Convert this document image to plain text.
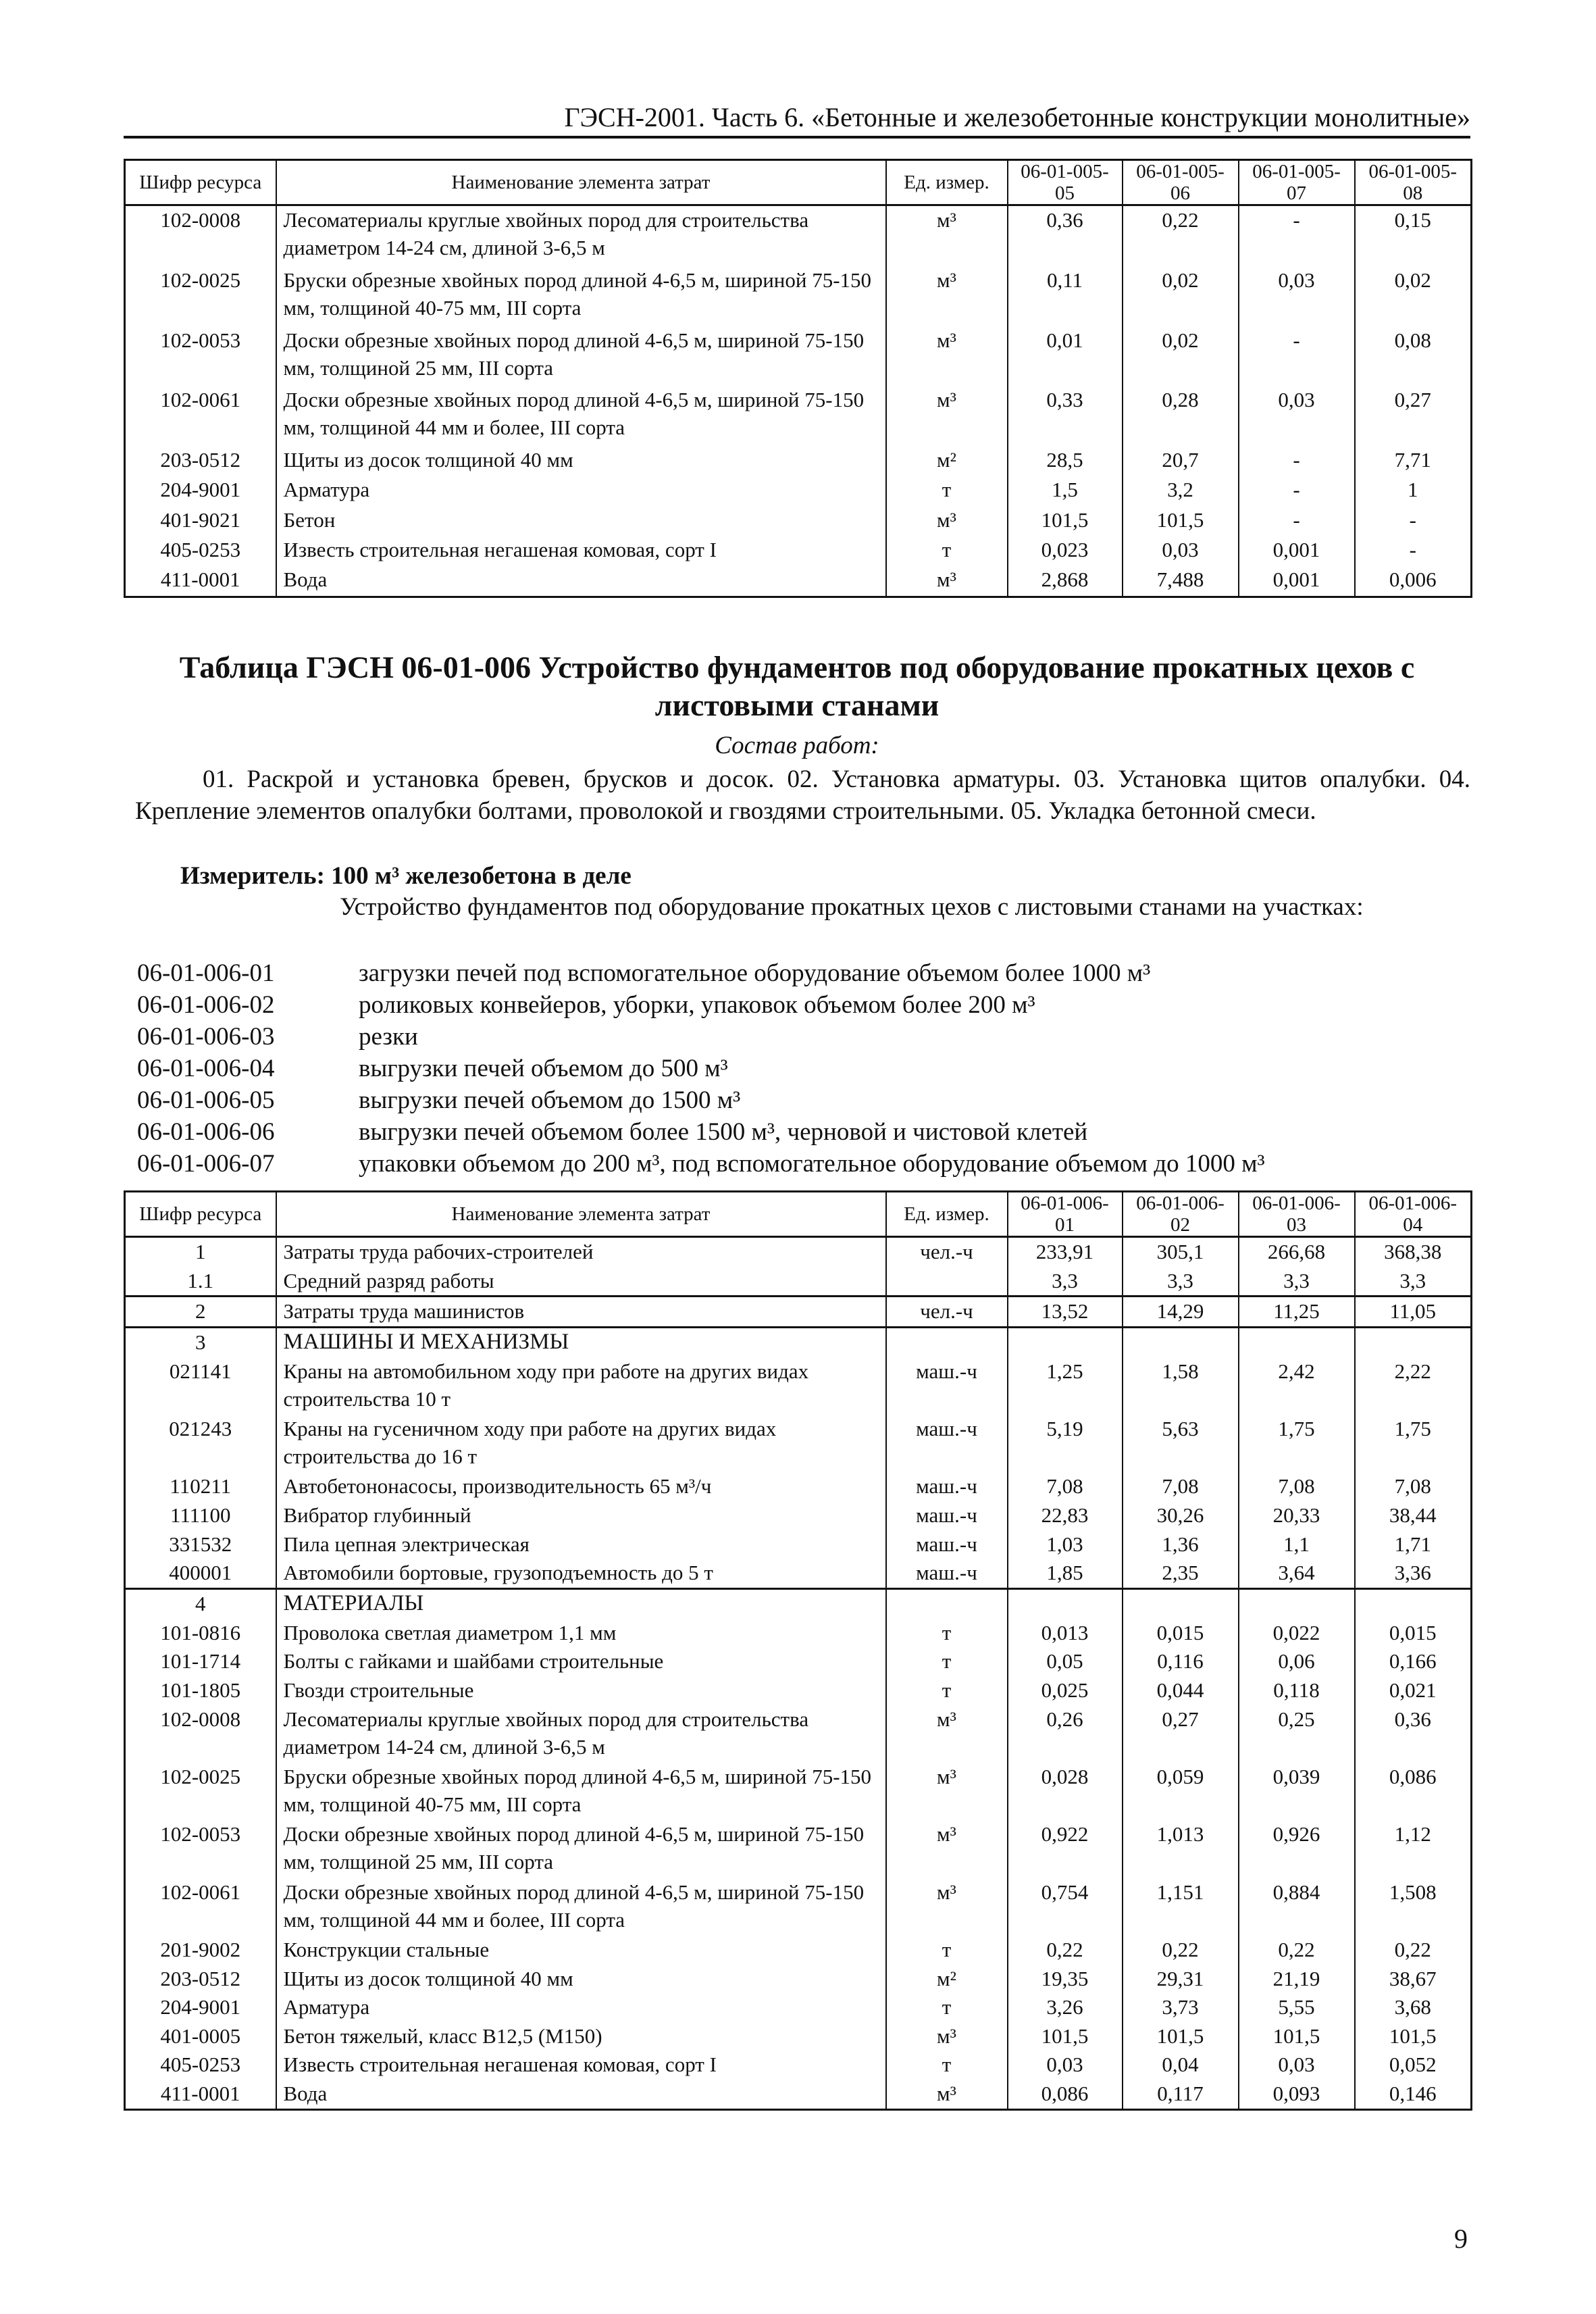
ГЭСН-2001. Часть 6. «Бетонные и железобетонные конструкции монолитные»
Шифр ресурса	Наименование элемента затрат	Ед. измер.	06-01-005-05	06-01-005-06	06-01-005-07	06-01-005-08
102-0008	Лесоматериалы круглые хвойных пород для строительства диаметром 14-24 см, длиной 3-6,5 м	м³	0,36	0,22	-	0,15
102-0025	Бруски обрезные хвойных пород длиной 4-6,5 м, шириной 75-150 мм, толщиной 40-75 мм, III сорта	м³	0,11	0,02	0,03	0,02
102-0053	Доски обрезные хвойных пород длиной 4-6,5 м, шириной 75-150 мм, толщиной 25 мм, III сорта	м³	0,01	0,02	-	0,08
102-0061	Доски обрезные хвойных пород длиной 4-6,5 м, шириной 75-150 мм, толщиной 44 мм и более, III сорта	м³	0,33	0,28	0,03	0,27
203-0512	Щиты из досок толщиной 40 мм	м²	28,5	20,7	-	7,71
204-9001	Арматура	т	1,5	3,2	-	1
401-9021	Бетон	м³	101,5	101,5	-	-
405-0253	Известь строительная негашеная комовая, сорт I	т	0,023	0,03	0,001	-
411-0001	Вода	м³	2,868	7,488	0,001	0,006
Таблица ГЭСН 06-01-006 Устройство фундаментов под оборудование прокатных цехов с листовыми станами
Состав работ:
01. Раскрой и установка бревен, брусков и досок. 02. Установка арматуры. 03. Установка щитов опалубки. 04. Крепление элементов опалубки болтами, проволокой и гвоздями строительными. 05. Укладка бетонной смеси.
Измеритель: 100 м³ железобетона в деле
Устройство фундаментов под оборудование прокатных цехов с листовыми станами на участках:
06-01-006-01	загрузки печей под вспомогательное оборудование объемом более 1000 м³
06-01-006-02	роликовых конвейеров, уборки, упаковок объемом более 200 м³
06-01-006-03	резки
06-01-006-04	выгрузки печей объемом до 500 м³
06-01-006-05	выгрузки печей объемом до 1500 м³
06-01-006-06	выгрузки печей объемом более 1500 м³, черновой и чистовой клетей
06-01-006-07	упаковки объемом до 200 м³, под вспомогательное оборудование объемом до 1000 м³
Шифр ресурса	Наименование элемента затрат	Ед. измер.	06-01-006-01	06-01-006-02	06-01-006-03	06-01-006-04
1	Затраты труда рабочих-строителей	чел.-ч	233,91	305,1	266,68	368,38
1.1	Средний разряд работы		3,3	3,3	3,3	3,3
2	Затраты труда машинистов	чел.-ч	13,52	14,29	11,25	11,05
3	МАШИНЫ И МЕХАНИЗМЫ					
021141	Краны на автомобильном ходу при работе на других видах строительства 10 т	маш.-ч	1,25	1,58	2,42	2,22
021243	Краны на гусеничном ходу при работе на других видах строительства до 16 т	маш.-ч	5,19	5,63	1,75	1,75
110211	Автобетононасосы, производительность 65 м³/ч	маш.-ч	7,08	7,08	7,08	7,08
111100	Вибратор глубинный	маш.-ч	22,83	30,26	20,33	38,44
331532	Пила цепная электрическая	маш.-ч	1,03	1,36	1,1	1,71
400001	Автомобили бортовые, грузоподъемность до 5 т	маш.-ч	1,85	2,35	3,64	3,36
4	МАТЕРИАЛЫ					
101-0816	Проволока светлая диаметром 1,1 мм	т	0,013	0,015	0,022	0,015
101-1714	Болты с гайками и шайбами строительные	т	0,05	0,116	0,06	0,166
101-1805	Гвозди строительные	т	0,025	0,044	0,118	0,021
102-0008	Лесоматериалы круглые хвойных пород для строительства диаметром 14-24 см, длиной 3-6,5 м	м³	0,26	0,27	0,25	0,36
102-0025	Бруски обрезные хвойных пород длиной 4-6,5 м, шириной 75-150 мм, толщиной 40-75 мм, III сорта	м³	0,028	0,059	0,039	0,086
102-0053	Доски обрезные хвойных пород длиной 4-6,5 м, шириной 75-150 мм, толщиной 25 мм, III сорта	м³	0,922	1,013	0,926	1,12
102-0061	Доски обрезные хвойных пород длиной 4-6,5 м, шириной 75-150 мм, толщиной 44 мм и более, III сорта	м³	0,754	1,151	0,884	1,508
201-9002	Конструкции стальные	т	0,22	0,22	0,22	0,22
203-0512	Щиты из досок толщиной 40 мм	м²	19,35	29,31	21,19	38,67
204-9001	Арматура	т	3,26	3,73	5,55	3,68
401-0005	Бетон тяжелый, класс В12,5 (М150)	м³	101,5	101,5	101,5	101,5
405-0253	Известь строительная негашеная комовая, сорт I	т	0,03	0,04	0,03	0,052
411-0001	Вода	м³	0,086	0,117	0,093	0,146
9
